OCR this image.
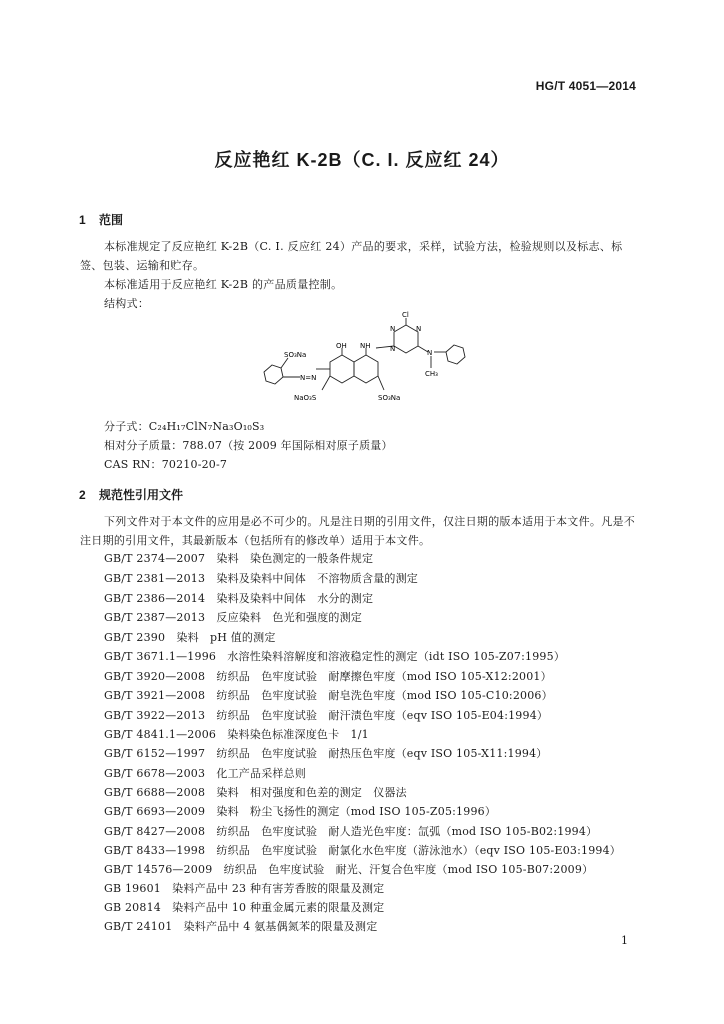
HG/T 4051—2014
反应艳红 K-2B（C. I. 反应红 24）
1 范围
本标准规定了反应艳红 K-2B（C. I. 反应红 24）产品的要求，采样，试验方法，检验规则以及标志、标签、包装、运输和贮存。
本标准适用于反应艳红 K-2B 的产品质量控制。
结构式：
Cl
SO₃Na
OH NH
N
N
N
N
CH₃
N=N
NaO₃S	SO₃Na
分子式：C₂₄H₁₇ClN₇Na₃O₁₀S₃
相对分子质量：788.07（按 2009 年国际相对原子质量）
CAS RN：70210-20-7
2 规范性引用文件
下列文件对于本文件的应用是必不可少的。凡是注日期的引用文件，仅注日期的版本适用于本文件。凡是不注日期的引用文件，其最新版本（包括所有的修改单）适用于本文件。
GB/T 2374—2007　染料　染色测定的一般条件规定
GB/T 2381—2013　染料及染料中间体　不溶物质含量的测定
GB/T 2386—2014　染料及染料中间体　水分的测定
GB/T 2387—2013　反应染料　色光和强度的测定
GB/T 2390　染料　pH 值的测定
GB/T 3671.1—1996　水溶性染料溶解度和溶液稳定性的测定（idt ISO 105-Z07:1995）
GB/T 3920—2008　纺织品　色牢度试验　耐摩擦色牢度（mod ISO 105-X12:2001）
GB/T 3921—2008　纺织品　色牢度试验　耐皂洗色牢度（mod ISO 105-C10:2006）
GB/T 3922—2013　纺织品　色牢度试验　耐汗渍色牢度（eqv ISO 105-E04:1994）
GB/T 4841.1—2006　染料染色标准深度色卡　1/1
GB/T 6152—1997　纺织品　色牢度试验　耐热压色牢度（eqv ISO 105-X11:1994）
GB/T 6678—2003　化工产品采样总则
GB/T 6688—2008　染料　相对强度和色差的测定　仪器法
GB/T 6693—2009　染料　粉尘飞扬性的测定（mod ISO 105-Z05:1996）
GB/T 8427—2008　纺织品　色牢度试验　耐人造光色牢度：氙弧（mod ISO 105-B02:1994）
GB/T 8433—1998　纺织品　色牢度试验　耐氯化水色牢度（游泳池水）（eqv ISO 105-E03:1994）
GB/T 14576—2009　纺织品　色牢度试验　耐光、汗复合色牢度（mod ISO 105-B07:2009）
GB 19601　染料产品中 23 种有害芳香胺的限量及测定
GB 20814　染料产品中 10 种重金属元素的限量及测定
GB/T 24101　染料产品中 4 氨基偶氮苯的限量及测定
1
